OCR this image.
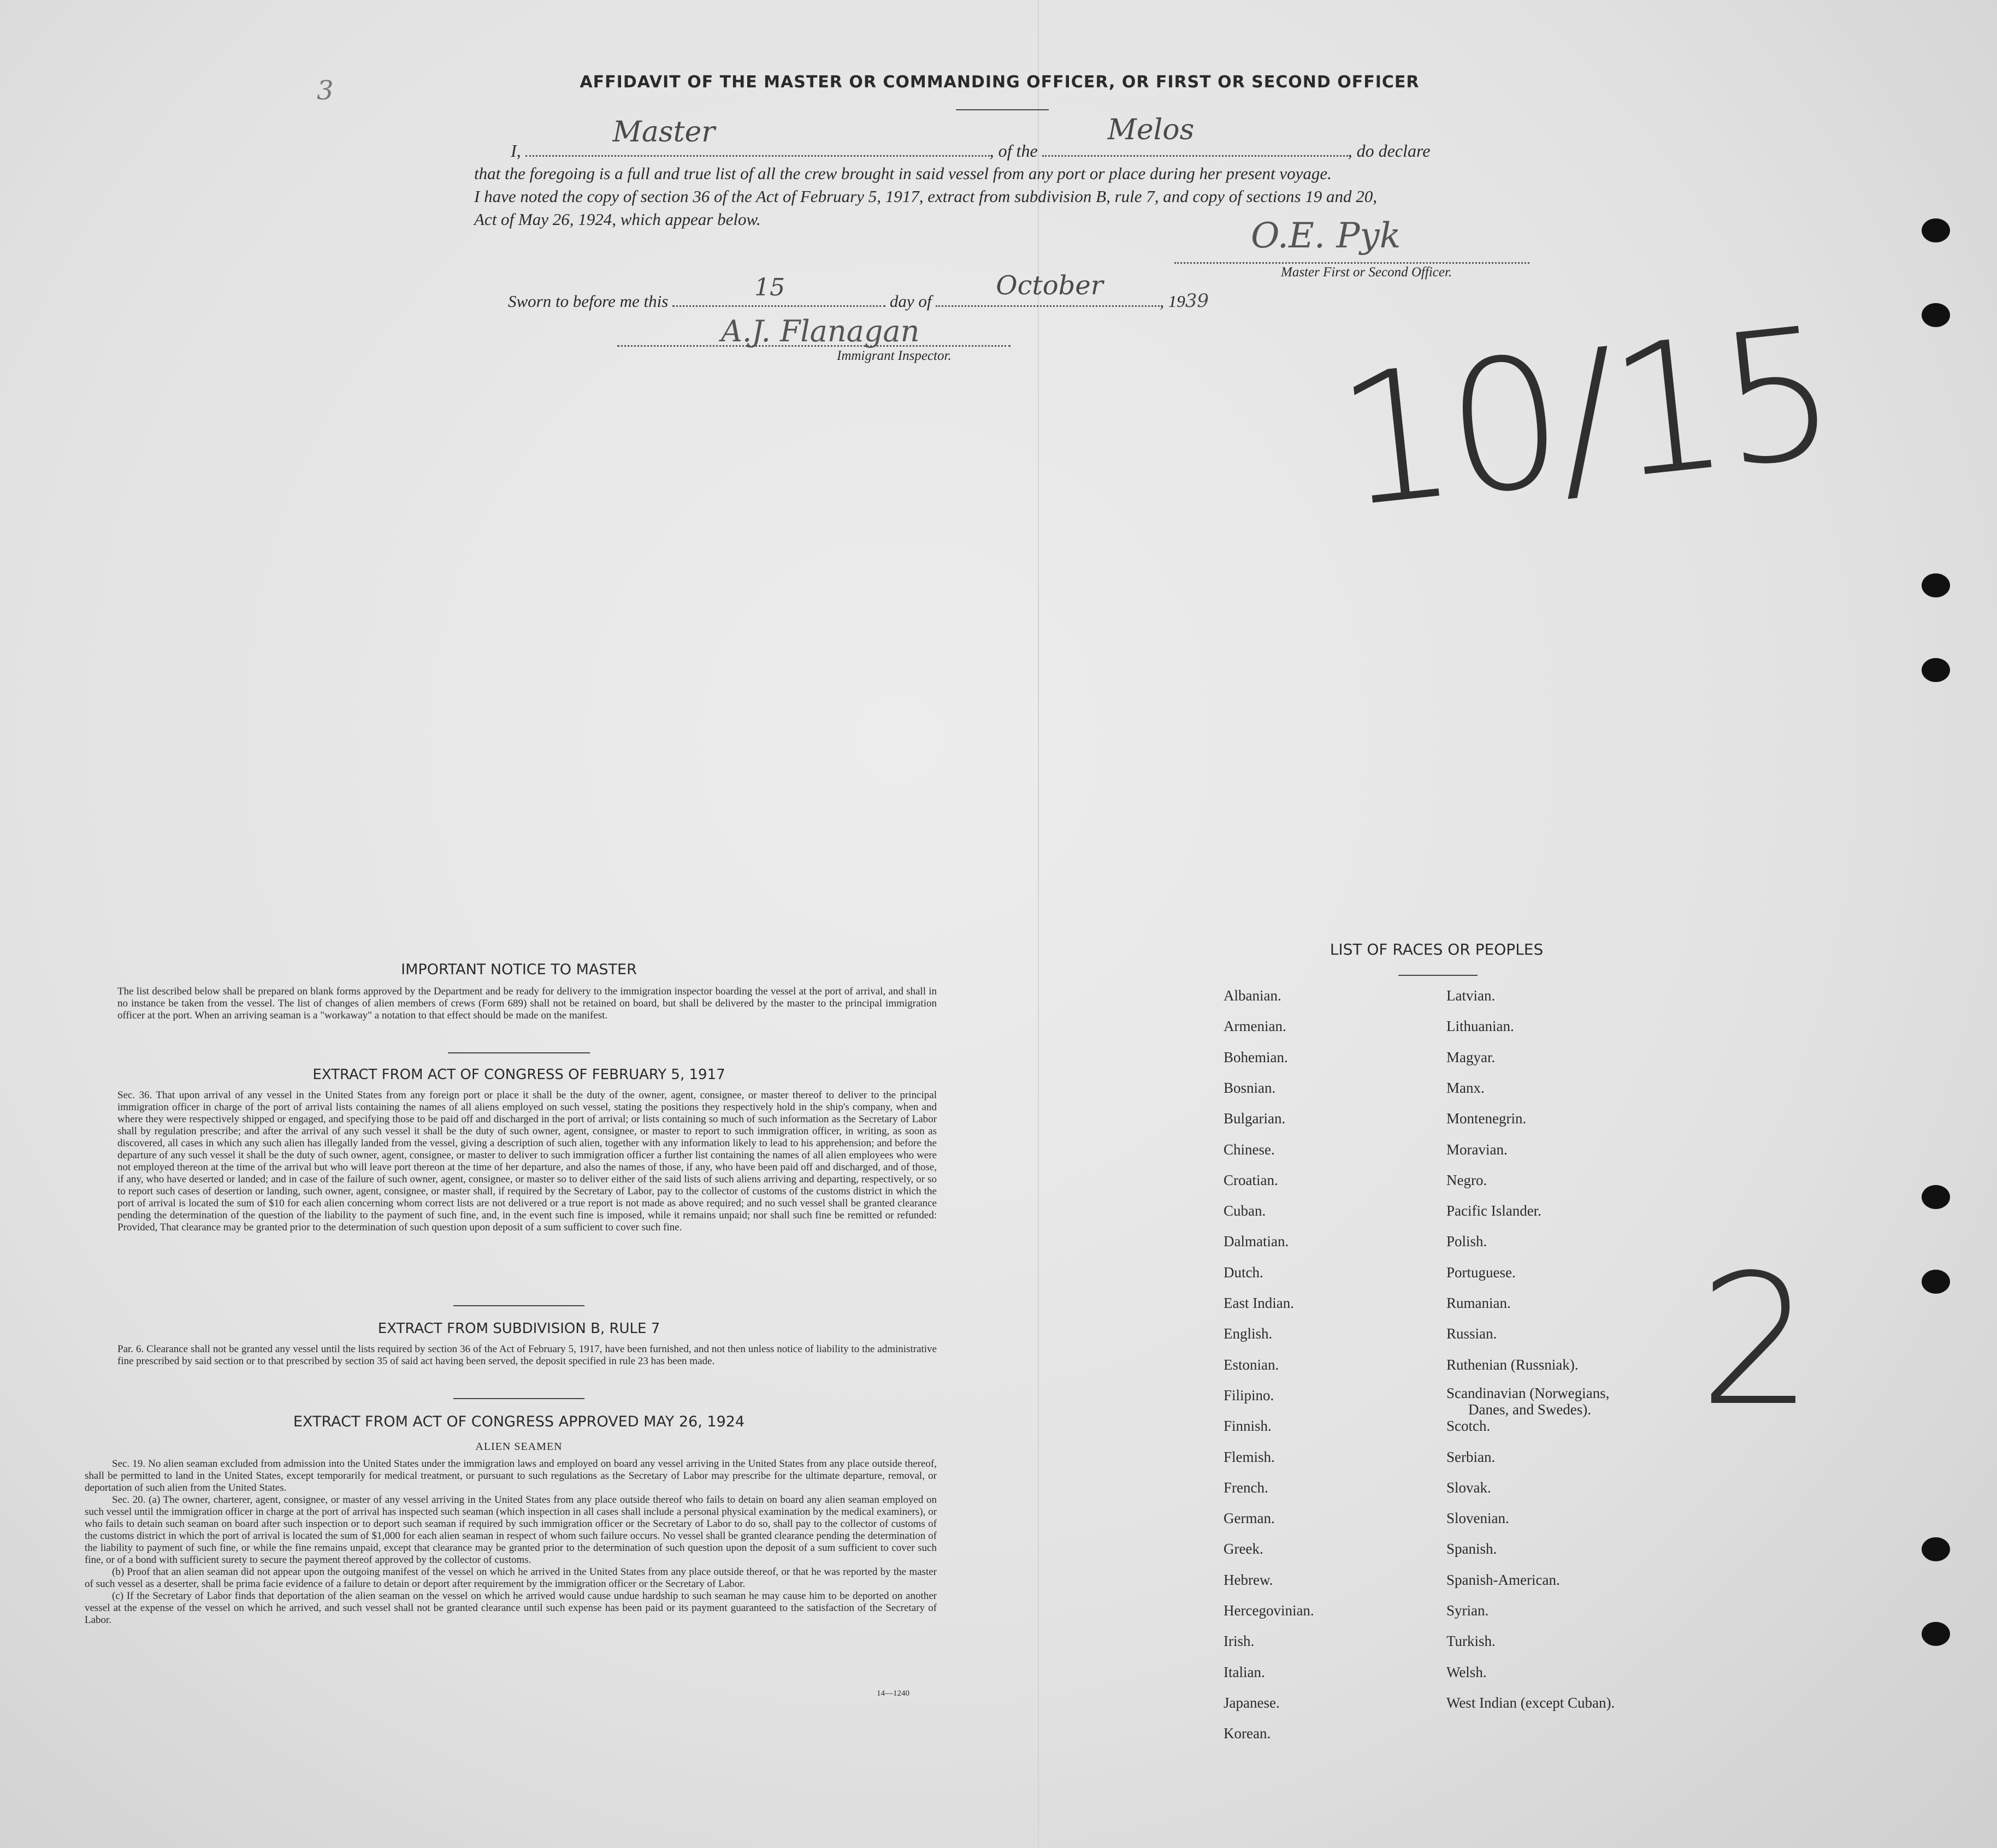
3	AFFIDAVIT OF THE MASTER OR COMMANDING OFFICER, OR FIRST OR SECOND OFFICER
I,
Master
, of the
Melos
, do declare
that the foregoing is a full and true list of all the crew brought in said vessel from any port or place during her present voyage.
I have noted the copy of section 36 of the Act of February 5, 1917, extract from subdivision B, rule 7, and copy of sections 19 and 20,
Act of May 26, 1924, which appear below.	O.E. Pyk
Master First or Second Officer.
Sworn to before me this	15	day of
October
, 1939
A.J. Flanagan
Immigrant Inspector. 10/15
2
IMPORTANT NOTICE TO MASTER
The list described below shall be prepared on blank forms approved by the Department and be ready for delivery to the immigration inspector boarding the vessel at the port of arrival, and shall in no instance be taken from the vessel. The list of changes of alien members of crews (Form 689) shall not be retained on board, but shall be delivered by the master to the principal immigration officer at the port. When an arriving seaman is a "workaway" a notation to that effect should be made on the manifest.
EXTRACT FROM ACT OF CONGRESS OF FEBRUARY 5, 1917
Sec. 36. That upon arrival of any vessel in the United States from any foreign port or place it shall be the duty of the owner, agent, consignee, or master thereof to deliver to the principal immigration officer in charge of the port of arrival lists containing the names of all aliens employed on such vessel, stating the positions they respectively hold in the ship's company, when and where they were respectively shipped or engaged, and specifying those to be paid off and discharged in the port of arrival; or lists containing so much of such information as the Secretary of Labor shall by regulation prescribe; and after the arrival of any such vessel it shall be the duty of such owner, agent, consignee, or master to report to such immigration officer, in writing, as soon as discovered, all cases in which any such alien has illegally landed from the vessel, giving a description of such alien, together with any information likely to lead to his apprehension; and before the departure of any such vessel it shall be the duty of such owner, agent, consignee, or master to deliver to such immigration officer a further list containing the names of all alien employees who were not employed thereon at the time of the arrival but who will leave port thereon at the time of her departure, and also the names of those, if any, who have been paid off and discharged, and of those, if any, who have deserted or landed; and in case of the failure of such owner, agent, consignee, or master so to deliver either of the said lists of such aliens arriving and departing, respectively, or so to report such cases of desertion or landing, such owner, agent, consignee, or master shall, if required by the Secretary of Labor, pay to the collector of customs of the customs district in which the port of arrival is located the sum of $10 for each alien concerning whom correct lists are not delivered or a true report is not made as above required; and no such vessel shall be granted clearance pending the determination of the question of the liability to the payment of such fine, and, in the event such fine is imposed, while it remains unpaid; nor shall such fine be remitted or refunded: Provided, That clearance may be granted prior to the determination of such question upon deposit of a sum sufficient to cover such fine.
EXTRACT FROM SUBDIVISION B, RULE 7
Par. 6. Clearance shall not be granted any vessel until the lists required by section 36 of the Act of February 5, 1917, have been furnished, and not then unless notice of liability to the administrative fine prescribed by said section or to that prescribed by section 35 of said act having been served, the deposit specified in rule 23 has been made.
EXTRACT FROM ACT OF CONGRESS APPROVED MAY 26, 1924
ALIEN SEAMEN
Sec. 19. No alien seaman excluded from admission into the United States under the immigration laws and employed on board any vessel arriving in the United States from any place outside thereof, shall be permitted to land in the United States, except temporarily for medical treatment, or pursuant to such regulations as the Secretary of Labor may prescribe for the ultimate departure, removal, or deportation of such alien from the United States.
Sec. 20. (a) The owner, charterer, agent, consignee, or master of any vessel arriving in the United States from any place outside thereof who fails to detain on board any alien seaman employed on such vessel until the immigration officer in charge at the port of arrival has inspected such seaman (which inspection in all cases shall include a personal physical examination by the medical examiners), or who fails to detain such seaman on board after such inspection or to deport such seaman if required by such immigration officer or the Secretary of Labor to do so, shall pay to the collector of customs of the customs district in which the port of arrival is located the sum of $1,000 for each alien seaman in respect of whom such failure occurs. No vessel shall be granted clearance pending the determination of the liability to payment of such fine, or while the fine remains unpaid, except that clearance may be granted prior to the determination of such question upon the deposit of a sum sufficient to cover such fine, or of a bond with sufficient surety to secure the payment thereof approved by the collector of customs.
(b) Proof that an alien seaman did not appear upon the outgoing manifest of the vessel on which he arrived in the United States from any place outside thereof, or that he was reported by the master of such vessel as a deserter, shall be prima facie evidence of a failure to detain or deport after requirement by the immigration officer or the Secretary of Labor.
(c) If the Secretary of Labor finds that deportation of the alien seaman on the vessel on which he arrived would cause undue hardship to such seaman he may cause him to be deported on another vessel at the expense of the vessel on which he arrived, and such vessel shall not be granted clearance until such expense has been paid or its payment guaranteed to the satisfaction of the Secretary of Labor.
14—1240
LIST OF RACES OR PEOPLES
Albanian.
Armenian.
Bohemian.
Bosnian.
Bulgarian.
Chinese.
Croatian.
Cuban.
Dalmatian.
Dutch.
East Indian.
English.
Estonian.
Filipino.
Finnish.
Flemish.
French.
German.
Greek.
Hebrew.
Hercegovinian.
Irish.
Italian.
Japanese.
Korean.
Latvian.
Lithuanian.
Magyar.
Manx.
Montenegrin.
Moravian.
Negro.
Pacific Islander.
Polish.
Portuguese.
Rumanian.
Russian.
Ruthenian (Russniak).
Scandinavian (Norwegians,
Danes, and Swedes).
Scotch.
Serbian.
Slovak.
Slovenian.
Spanish.
Spanish-American.
Syrian.
Turkish.
Welsh.
West Indian (except Cuban).
